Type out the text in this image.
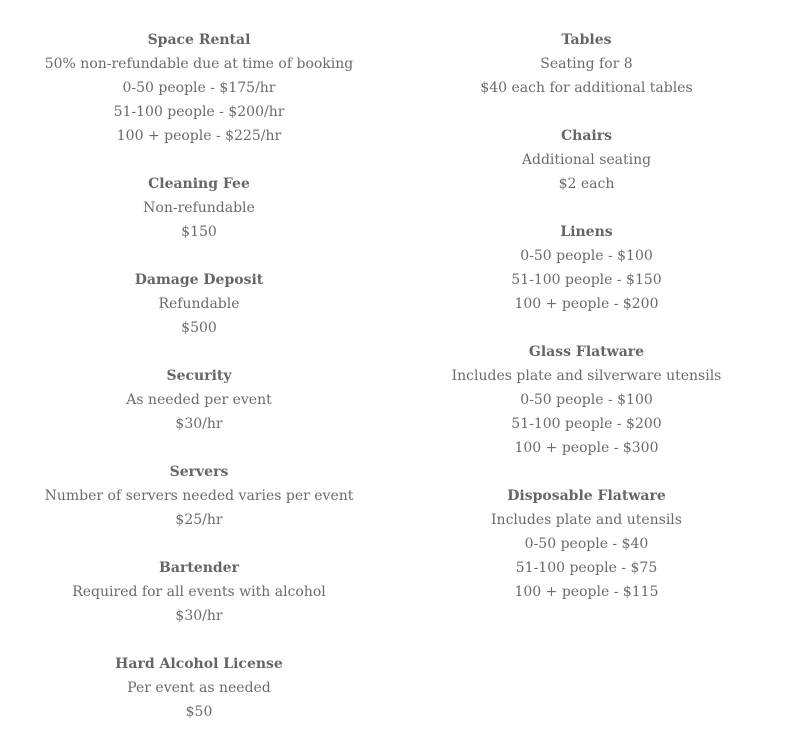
Space Rental
50% non-refundable due at time of booking
0-50 people - $175/hr
51-100 people - $200/hr
100 + people - $225/hr
Cleaning Fee
Non-refundable
$150
Damage Deposit
Refundable
$500
Security
As needed per event
$30/hr
Servers
Number of servers needed varies per event
$25/hr
Bartender
Required for all events with alcohol
$30/hr
Hard Alcohol License
Per event as needed
$50
Tables
Seating for 8
$40 each for additional tables
Chairs
Additional seating
$2 each
Linens
0-50 people - $100
51-100 people - $150
100 + people - $200
Glass Flatware
Includes plate and silverware utensils
0-50 people - $100
51-100 people - $200
100 + people - $300
Disposable Flatware
Includes plate and utensils
0-50 people - $40
51-100 people - $75
100 + people - $115
